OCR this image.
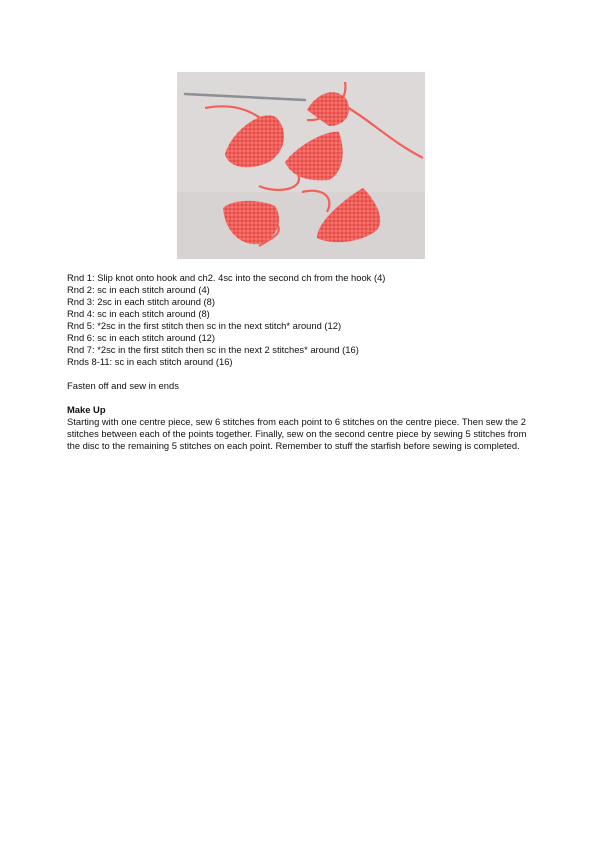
Rnd 1: Slip knot onto hook and ch2. 4sc into the second ch from the hook (4)
Rnd 2: sc in each stitch around (4)
Rnd 3: 2sc in each stitch around (8)
Rnd 4: sc in each stitch around (8)
Rnd 5: *2sc in the first stitch then sc in the next stitch* around (12)
Rnd 6: sc in each stitch around (12)
Rnd 7: *2sc in the first stitch then sc in the next 2 stitches* around (16)
Rnds 8-11: sc in each stitch around (16)

Fasten off and sew in ends

Make Up

Starting with one centre piece, sew 6 stitches from each point to 6 stitches on the centre piece. Then sew the 2 stitches between each of the points together. Finally, sew on the second centre piece by sewing 5 stitches from the disc to the remaining 5 stitches on each point. Remember to stuff the starfish before sewing is completed.
